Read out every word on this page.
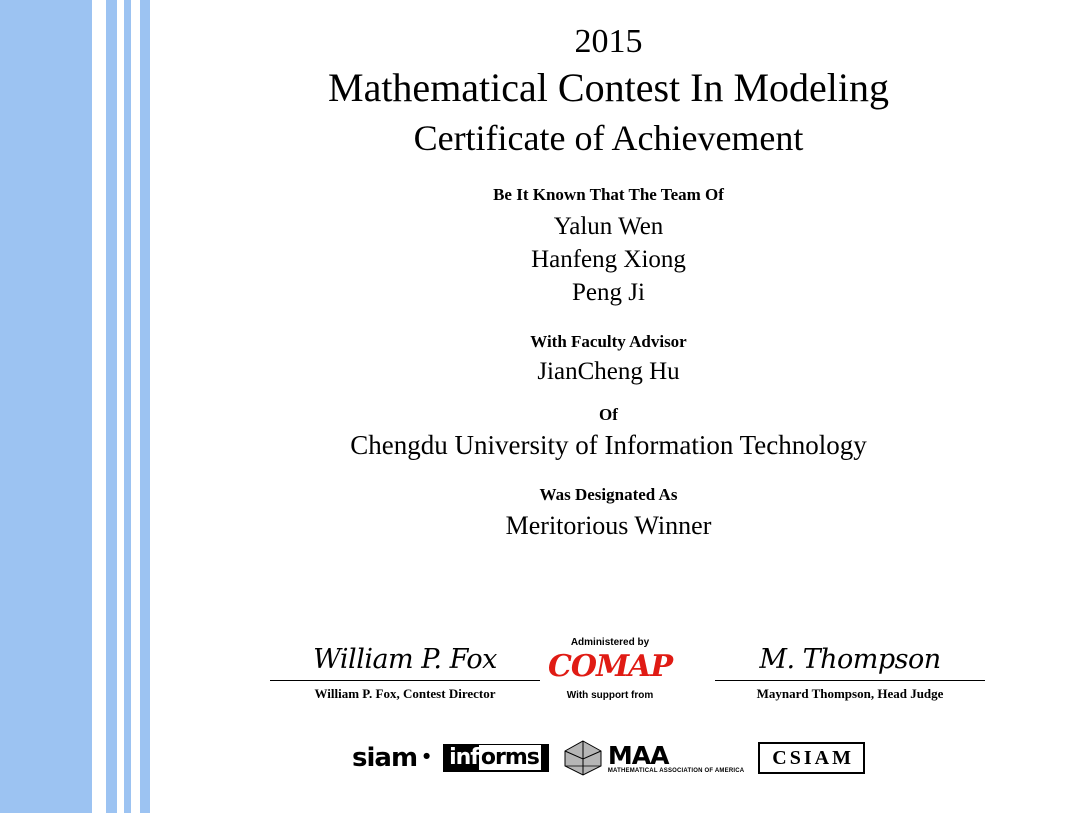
2015
Mathematical Contest In Modeling
Certificate of Achievement
Be It Known That The Team Of
Yalun Wen
Hanfeng Xiong
Peng Ji
With Faculty Advisor
JianCheng Hu
Of
Chengdu University of Information Technology
Was Designated As
Meritorious Winner
William P. Fox
William P. Fox, Contest Director
M. Thompson
Maynard Thompson, Head Judge
Administered by
COMAP
With support from
siam ●	informs	MAA
MATHEMATICAL ASSOCIATION OF AMERICA
CSIAM
